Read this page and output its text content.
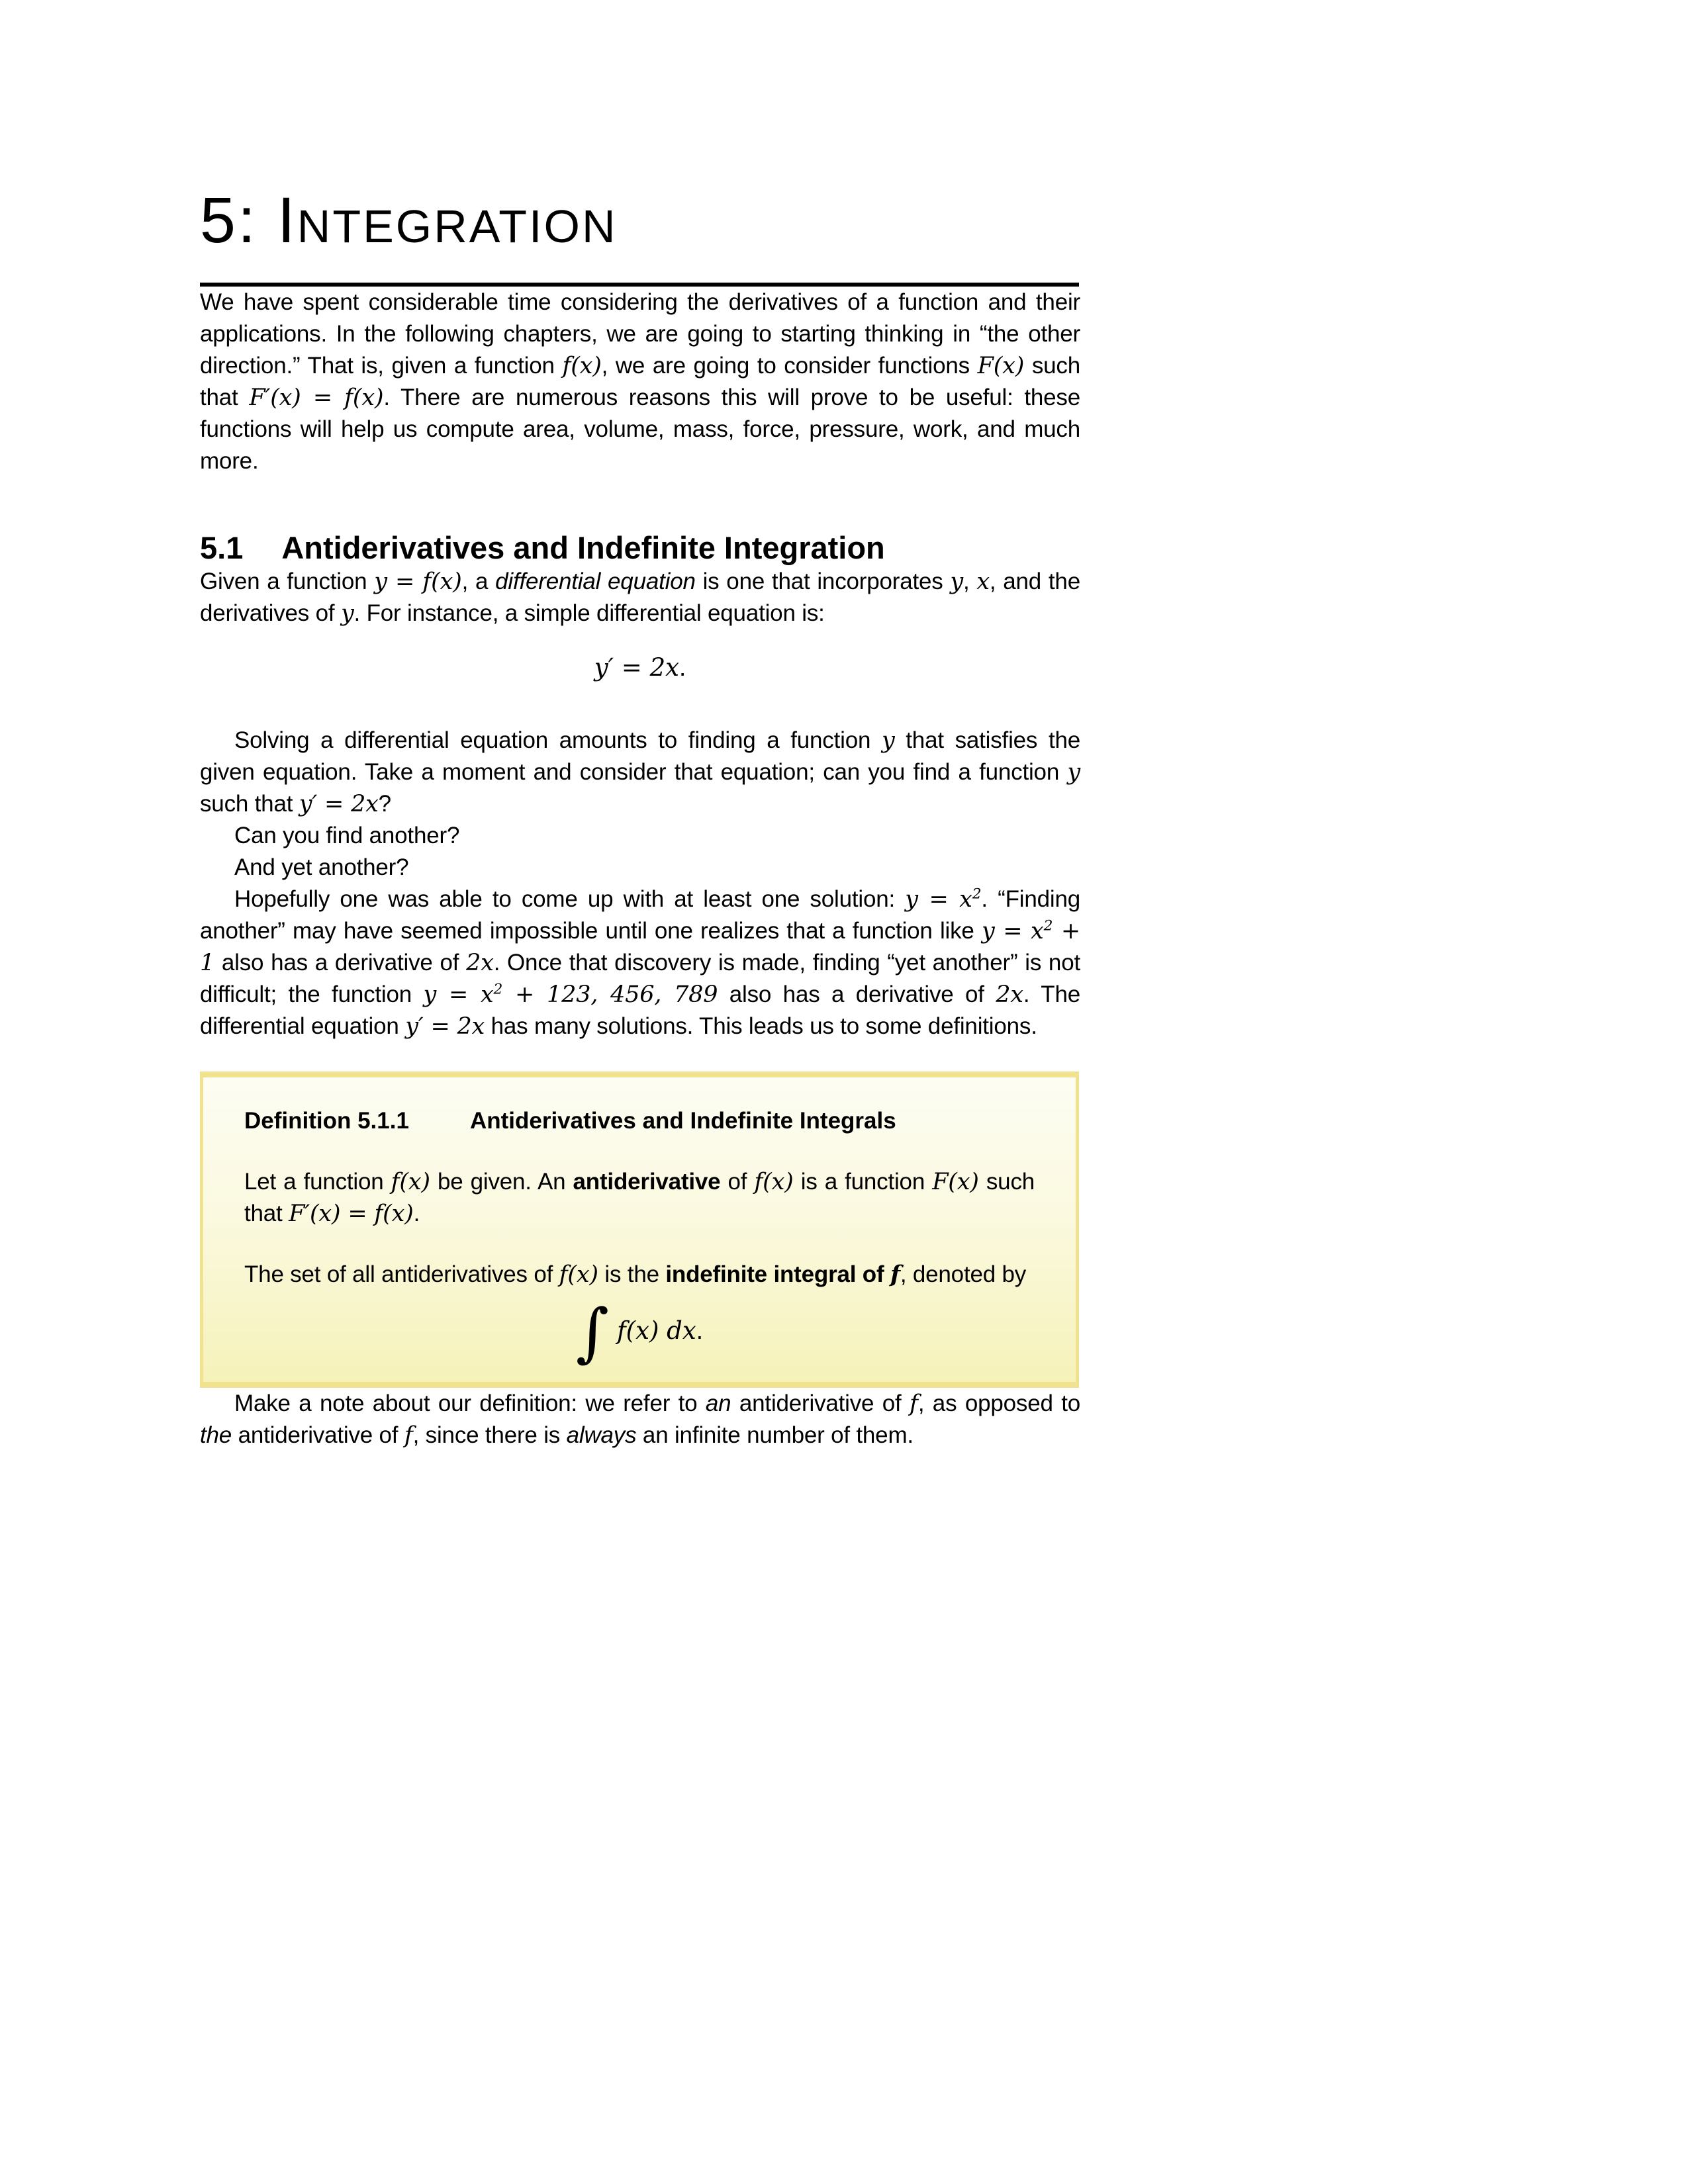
5: INTEGRATION

We have spent considerable time considering the derivatives of a function and their applications. In the following chapters, we are going to starting thinking in “the other direction.” That is, given a function f(x), we are going to consider functions F(x) such that F′(x) = f(x). There are numerous reasons this will prove to be useful: these functions will help us compute area, volume, mass, force, pressure, work, and much more.

5.1 Antiderivatives and Indefinite Integration

Given a function y = f(x), a differential equation is one that incorporates y, x, and the derivatives of y. For instance, a simple differential equation is:

y′ = 2x.

Solving a differential equation amounts to finding a function y that satisfies the given equation. Take a moment and consider that equation; can you find a function y such that y′ = 2x?

Can you find another?

And yet another?

Hopefully one was able to come up with at least one solution: $y = x^2$. “Finding another” may have seemed impossible until one realizes that a function like $y = x^2 + 1$ also has a derivative of 2x. Once that discovery is made, finding “yet another” is not difficult; the function $y = x^2 + 123$, 456, 789 also has a derivative of 2x. The differential equation y′ = 2x has many solutions. This leads us to some definitions.

Definition 5.1.1	Antiderivatives and Indefinite Integrals

Let a function f(x) be given. An antiderivative of f(x) is a function F(x) such that F′(x) = f(x).

The set of all antiderivatives of f(x) is the indefinite integral of f, denoted by

∫ f(x) dx.

Make a note about our definition: we refer to an antiderivative of f, as opposed to the antiderivative of f, since there is always an infinite number of them.
